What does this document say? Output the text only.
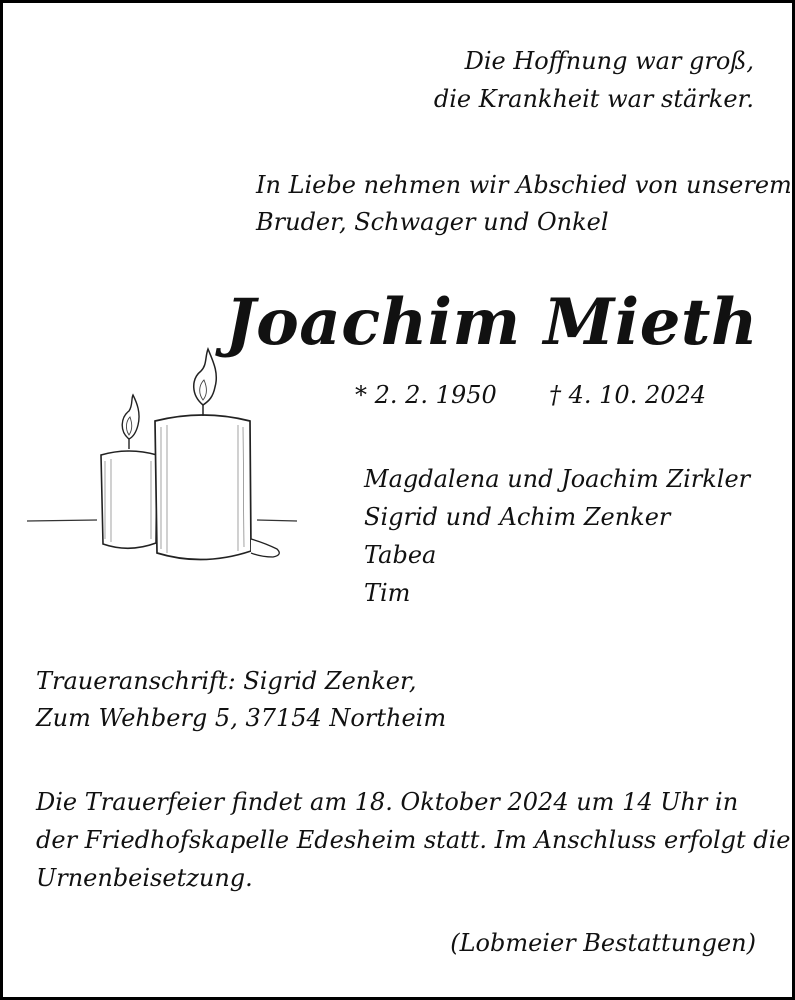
Die Hoffnung war groß,
die Krankheit war stärker.
In Liebe nehmen wir Abschied von unserem
Bruder, Schwager und Onkel
Joachim Mieth
* 2. 2. 1950 † 4. 10. 2024
Magdalena und Joachim Zirkler
Sigrid und Achim Zenker
Tabea
Tim
Traueranschrift: Sigrid Zenker,
Zum Wehberg 5, 37154 Northeim
Die Trauerfeier findet am 18. Oktober 2024 um 14 Uhr in
der Friedhofskapelle Edesheim statt. Im Anschluss erfolgt die
Urnenbeisetzung.
(Lobmeier Bestattungen)
